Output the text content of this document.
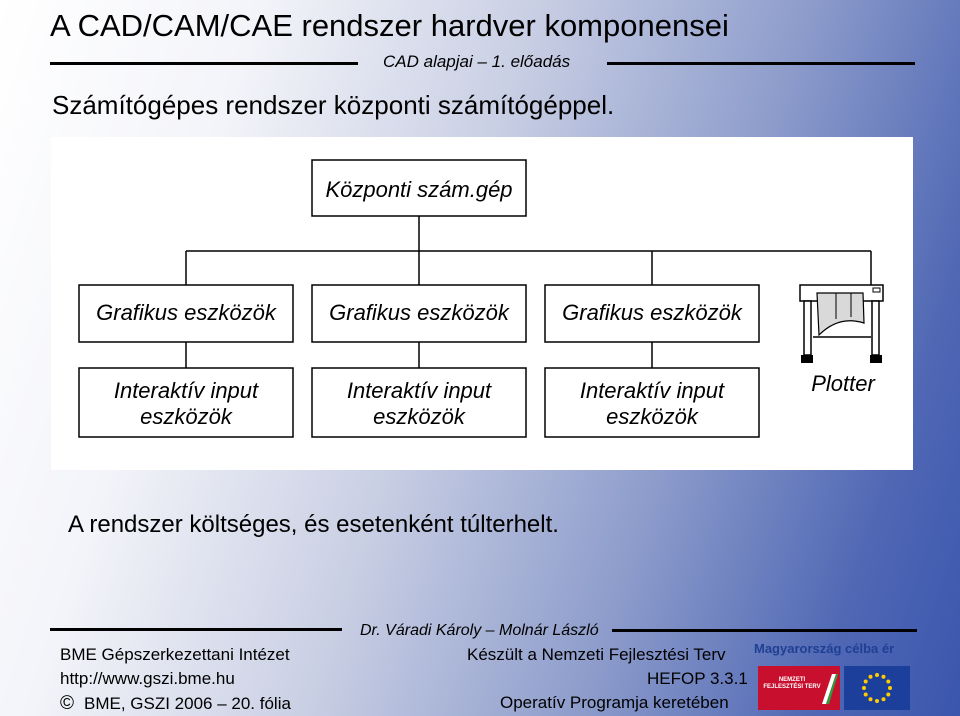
A CAD/CAM/CAE rendszer hardver komponensei
CAD alapjai – 1. előadás
Számítógépes rendszer központi számítógéppel.
Központi szám.gép
Grafikus eszközök Grafikus eszközök Grafikus eszközök
Interaktív input
eszközök
Interaktív input
eszközök
Interaktív input
eszközök
Plotter
A rendszer költséges, és esetenként túlterhelt.
Dr. Váradi Károly – Molnár László
BME Gépszerkezettani Intézet
http://www.gszi.bme.hu
© BME, GSZI 2006 – 20. fólia
Készült a Nemzeti Fejlesztési Terv
HEFOP 3.3.1
Operatív Programja keretében
Magyarország célba ér
NEMZETI FEJLESZTÉSI TERV
